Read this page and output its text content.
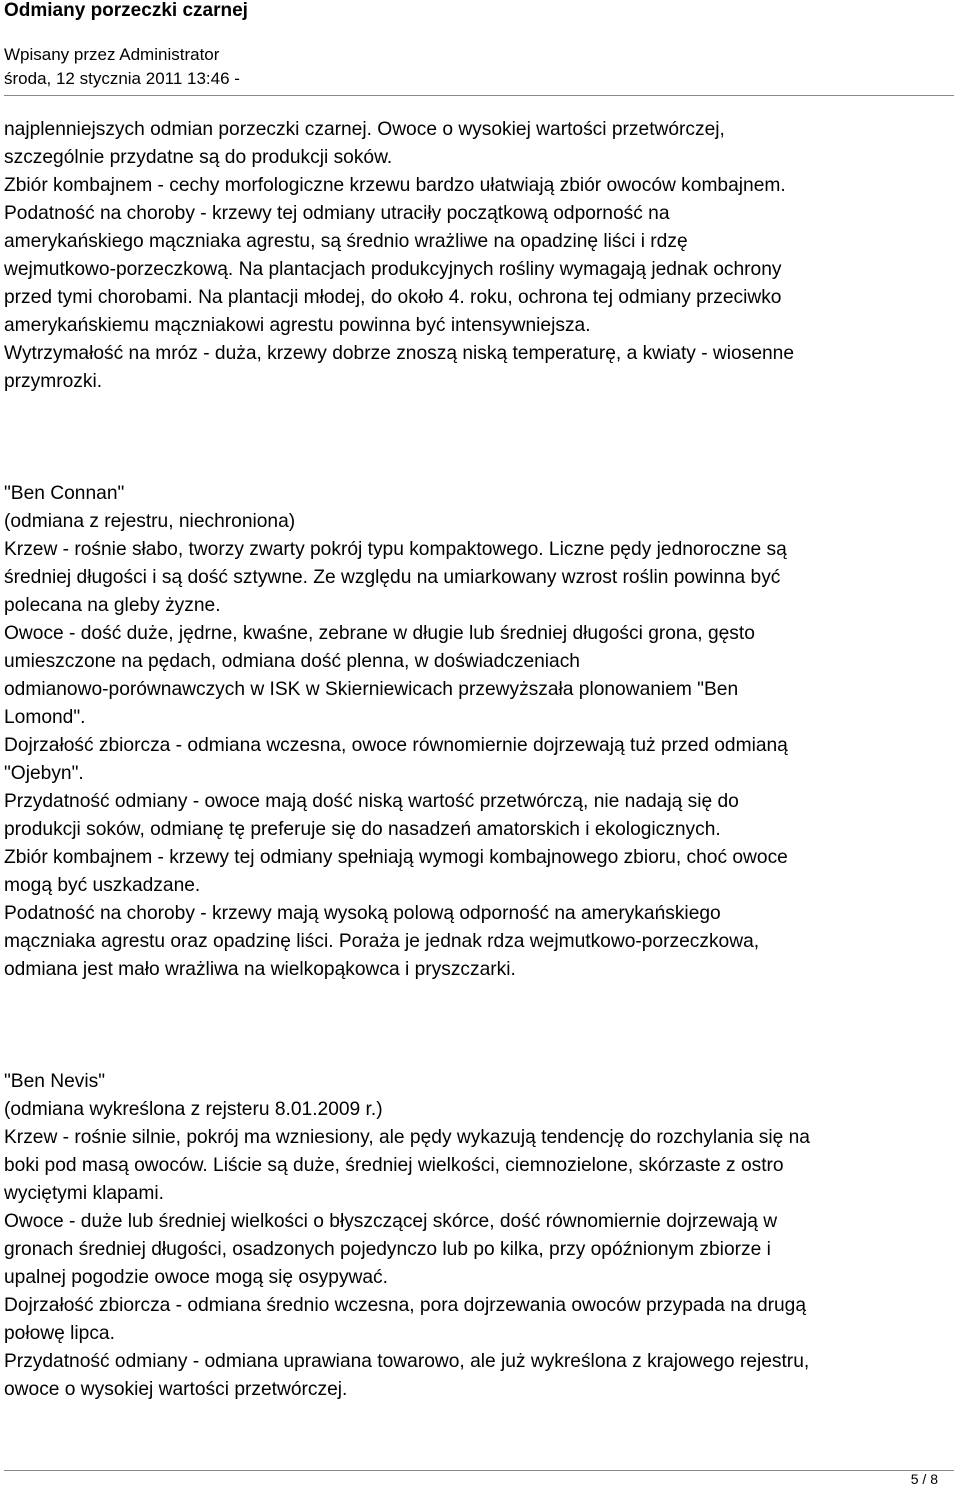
Odmiany porzeczki czarnej
Wpisany przez Administrator
środa, 12 stycznia 2011 13:46 -

najplenniejszych odmian porzeczki czarnej. Owoce o wysokiej wartości przetwórczej,

szczególnie przydatne są do produkcji soków.

Zbiór kombajnem - cechy morfologiczne krzewu bardzo ułatwiają zbiór owoców kombajnem.

Podatność na choroby - krzewy tej odmiany utraciły początkową odporność na

amerykańskiego mączniaka agrestu, są średnio wrażliwe na opadzinę liści i rdzę

wejmutkowo-porzeczkową. Na plantacjach produkcyjnych rośliny wymagają jednak ochrony

przed tymi chorobami. Na plantacji młodej, do około 4. roku, ochrona tej odmiany przeciwko

amerykańskiemu mączniakowi agrestu powinna być intensywniejsza.

Wytrzymałość na mróz - duża, krzewy dobrze znoszą niską temperaturę, a kwiaty - wiosenne

przymrozki.

"Ben Connan"

(odmiana z rejestru, niechroniona)

Krzew - rośnie słabo, tworzy zwarty pokrój typu kompaktowego. Liczne pędy jednoroczne są

średniej długości i są dość sztywne. Ze względu na umiarkowany wzrost roślin powinna być

polecana na gleby żyzne.

Owoce - dość duże, jędrne, kwaśne, zebrane w długie lub średniej długości grona, gęsto

umieszczone na pędach, odmiana dość plenna, w doświadczeniach

odmianowo-porównawczych w ISK w Skierniewicach przewyższała plonowaniem "Ben

Lomond".

Dojrzałość zbiorcza - odmiana wczesna, owoce równomiernie dojrzewają tuż przed odmianą

"Ojebyn".

Przydatność odmiany - owoce mają dość niską wartość przetwórczą, nie nadają się do

produkcji soków, odmianę tę preferuje się do nasadzeń amatorskich i ekologicznych.

Zbiór kombajnem - krzewy tej odmiany spełniają wymogi kombajnowego zbioru, choć owoce

mogą być uszkadzane.

Podatność na choroby - krzewy mają wysoką polową odporność na amerykańskiego

mączniaka agrestu oraz opadzinę liści. Poraża je jednak rdza wejmutkowo-porzeczkowa,

odmiana jest mało wrażliwa na wielkopąkowca i pryszczarki.

"Ben Nevis"

(odmiana wykreślona z rejsteru 8.01.2009 r.)

Krzew - rośnie silnie, pokrój ma wzniesiony, ale pędy wykazują tendencję do rozchylania się na

boki pod masą owoców. Liście są duże, średniej wielkości, ciemnozielone, skórzaste z ostro

wyciętymi klapami.

Owoce - duże lub średniej wielkości o błyszczącej skórce, dość równomiernie dojrzewają w

gronach średniej długości, osadzonych pojedynczo lub po kilka, przy opóźnionym zbiorze i

upalnej pogodzie owoce mogą się osypywać.

Dojrzałość zbiorcza - odmiana średnio wczesna, pora dojrzewania owoców przypada na drugą

połowę lipca.

Przydatność odmiany - odmiana uprawiana towarowo, ale już wykreślona z krajowego rejestru,

owoce o wysokiej wartości przetwórczej.

5 / 8
